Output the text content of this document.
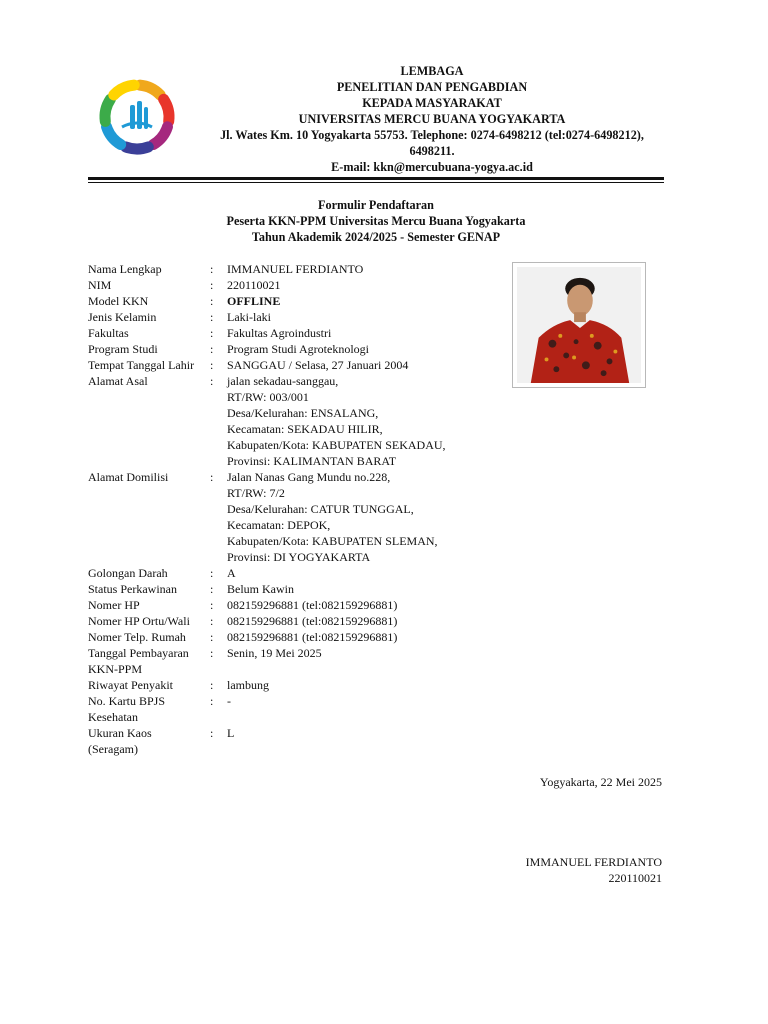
LEMBAGA
PENELITIAN DAN PENGABDIAN
KEPADA MASYARAKAT
UNIVERSITAS MERCU BUANA YOGYAKARTA
Jl. Wates Km. 10 Yogyakarta 55753. Telephone: 0274-6498212 (tel:0274-6498212),
6498211.
E-mail: kkn@mercubuana-yogya.ac.id
Formulir Pendaftaran
Peserta KKN-PPM Universitas Mercu Buana Yogyakarta
Tahun Akademik 2024/2025 - Semester GENAP
Nama Lengkap	:	IMMANUEL FERDIANTO
NIM	:	220110021
Model KKN	:	OFFLINE
Jenis Kelamin	:	Laki-laki
Fakultas	:	Fakultas Agroindustri
Program Studi	:	Program Studi Agroteknologi
Tempat Tanggal Lahir	:	SANGGAU / Selasa, 27 Januari 2004
Alamat Asal	:	jalan sekadau-sanggau,
RT/RW: 003/001
Desa/Kelurahan: ENSALANG,
Kecamatan: SEKADAU HILIR,
Kabupaten/Kota: KABUPATEN SEKADAU,
Provinsi: KALIMANTAN BARAT
Alamat Domilisi	:	Jalan Nanas Gang Mundu no.228,
RT/RW: 7/2
Desa/Kelurahan: CATUR TUNGGAL,
Kecamatan: DEPOK,
Kabupaten/Kota: KABUPATEN SLEMAN,
Provinsi: DI YOGYAKARTA
Golongan Darah	:	A
Status Perkawinan	:	Belum Kawin
Nomer HP	:	082159296881 (tel:082159296881)
Nomer HP Ortu/Wali	:	082159296881 (tel:082159296881)
Nomer Telp. Rumah	:	082159296881 (tel:082159296881)
Tanggal Pembayaran
KKN-PPM
:	Senin, 19 Mei 2025
Riwayat Penyakit	:	lambung
No. Kartu BPJS
Kesehatan
:	-
Ukuran Kaos
(Seragam)
:	L
Yogyakarta, 22 Mei 2025
IMMANUEL FERDIANTO
220110021
